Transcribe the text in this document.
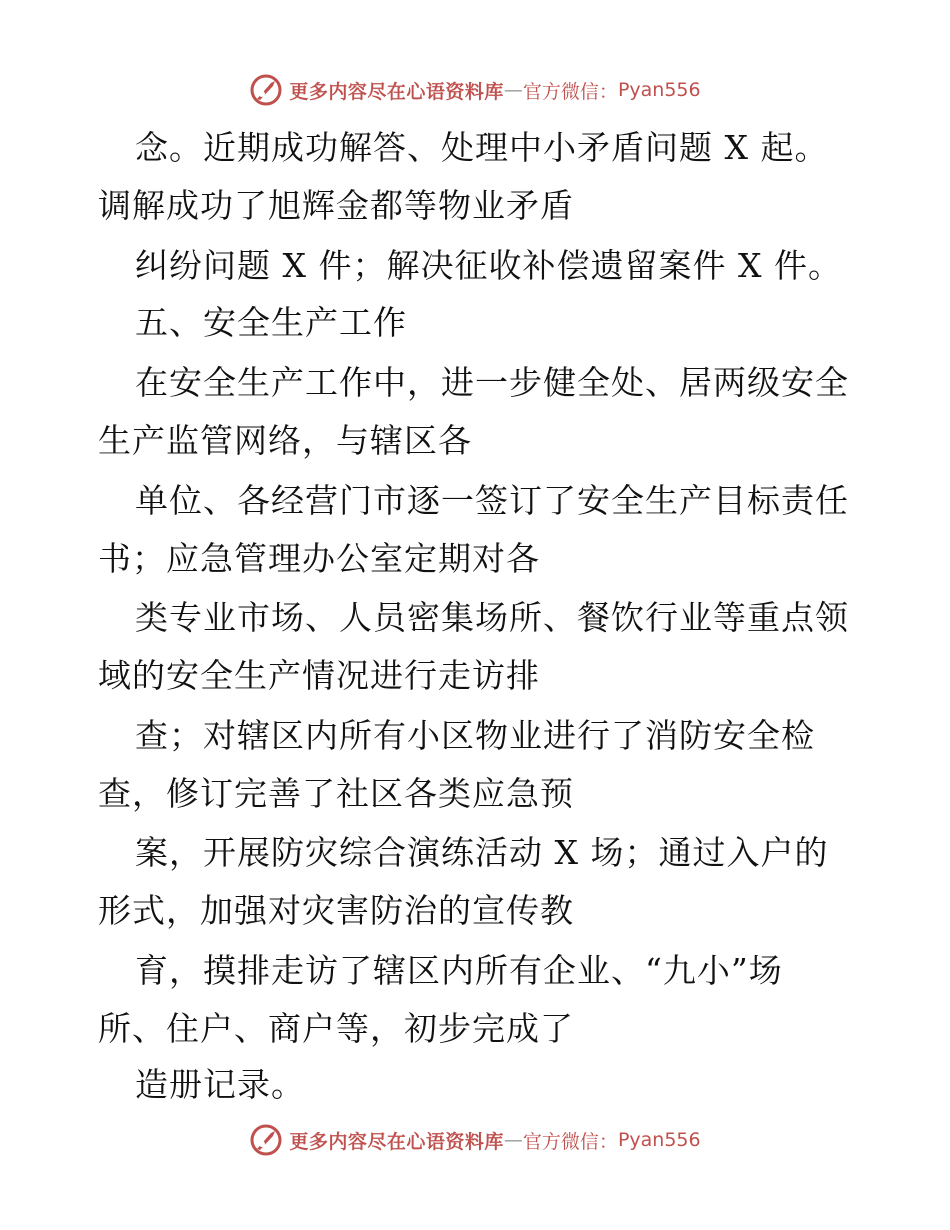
更多内容尽在心语资料库 — 官方微信： Pyan556
念。近期成功解答、处理中小矛盾问题 X 起。
调解成功了旭辉金都等物业矛盾
纠纷问题 X 件；解决征收补偿遗留案件 X 件。
五、安全生产工作
在安全生产工作中，进一步健全处、居两级安全
生产监管网络，与辖区各
单位、各经营门市逐一签订了安全生产目标责任
书；应急管理办公室定期对各
类专业市场、人员密集场所、餐饮行业等重点领
域的安全生产情况进行走访排
查；对辖区内所有小区物业进行了消防安全检
查，修订完善了社区各类应急预
案，开展防灾综合演练活动 X 场；通过入户的
形式，加强对灾害防治的宣传教
育，摸排走访了辖区内所有企业、“九小”场
所、住户、商户等，初步完成了
造册记录。
更多内容尽在心语资料库 — 官方微信： Pyan556
